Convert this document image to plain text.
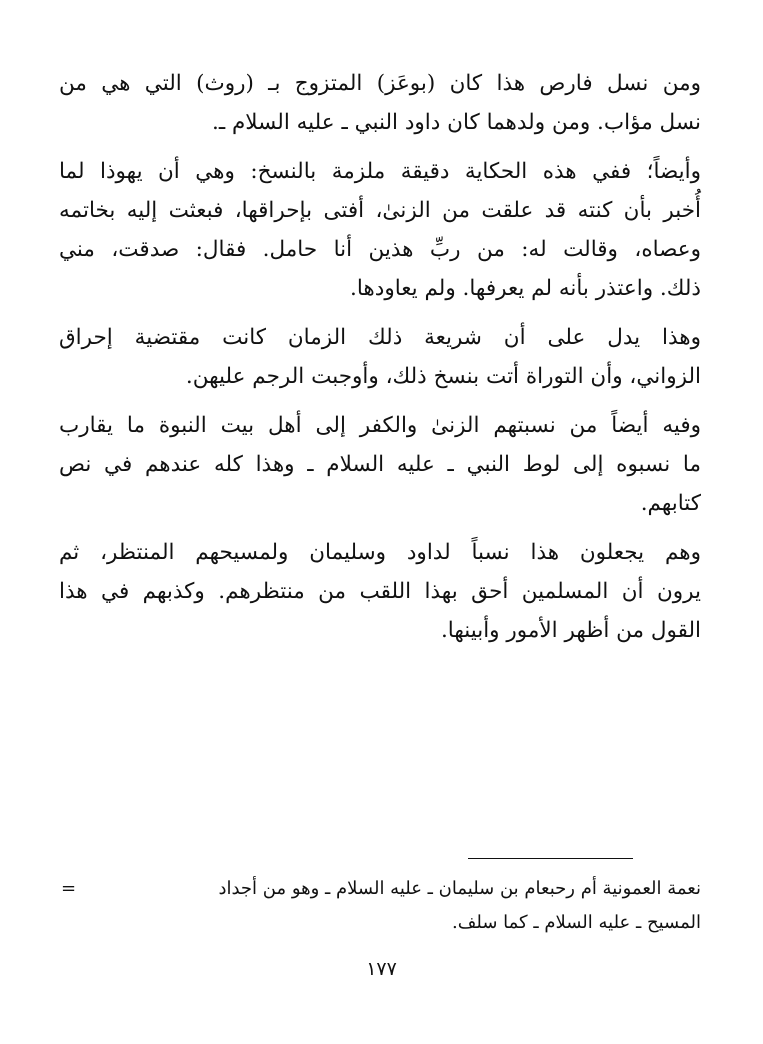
ومن نسل فارص هذا كان (بوعَز) المتزوج بـ (روث) التي هي من
نسل مؤاب. ومن ولدهما كان داود النبي ـ عليه السلام ـ.

وأيضاً؛ ففي هذه الحكاية دقيقة ملزمة بالنسخ: وهي أن يهوذا لما
أُخبر بأن كنته قد علقت من الزنىٰ، أفتى بإحراقها، فبعثت إليه بخاتمه
وعصاه، وقالت له: من ربِّ هذين أنا حامل. فقال: صدقت، مني
ذلك. واعتذر بأنه لم يعرفها. ولم يعاودها.

وهذا يدل على أن شريعة ذلك الزمان كانت مقتضية إحراق
الزواني، وأن التوراة أتت بنسخ ذلك، وأوجبت الرجم عليهن.

وفيه أيضاً من نسبتهم الزنىٰ والكفر إلى أهل بيت النبوة ما يقارب
ما نسبوه إلى لوط النبي ـ عليه السلام ـ وهذا كله عندهم في نص
كتابهم.

وهم يجعلون هذا نسباً لداود وسليمان ولمسيحهم المنتظر، ثم
يرون أن المسلمين أحق بهذا اللقب من منتظرهم. وكذبهم في هذا
القول من أظهر الأمور وأبينها.

=	نعمة العمونية أم رحبعام بن سليمان ـ عليه السلام ـ وهو من أجداد
المسيح ـ عليه السلام ـ كما سلف.
١٧٧
